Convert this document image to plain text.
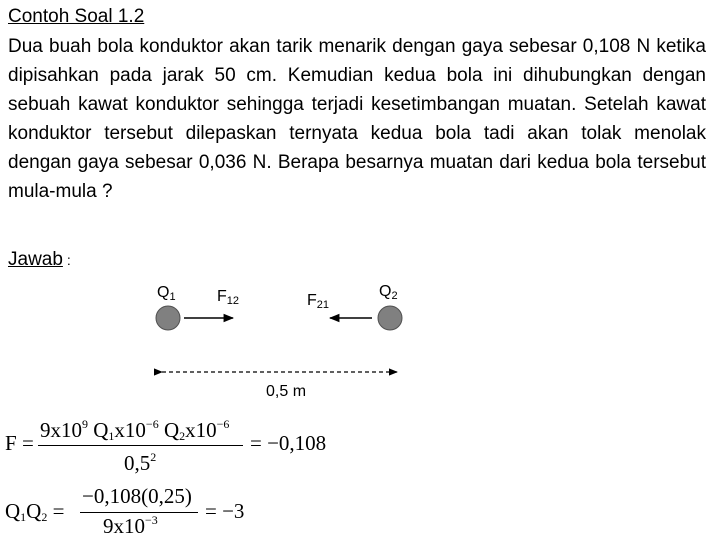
Contoh Soal 1.2

Dua buah bola konduktor akan tarik menarik dengan gaya sebesar 0,108 N ketika dipisahkan pada jarak 50 cm. Kemudian kedua bola ini dihubungkan dengan sebuah kawat konduktor sehingga terjadi kesetimbangan muatan. Setelah kawat konduktor tersebut dilepaskan ternyata kedua bola tadi akan tolak menolak dengan gaya sebesar 0,036 N. Berapa besarnya muatan dari kedua bola tersebut mula-mula ?

Jawab :
$Q_1$	$F_{12}$	$F_{21}$
$Q_2$
0,5 m
F =
$9x10^9$ $Q_1x10^{-6}$ $Q_2x10^{-6}$
$0,5^2$
= −0,108
$Q_1Q_2$ =
−0,108(0,25)
$9x10^{-3} = -3$
